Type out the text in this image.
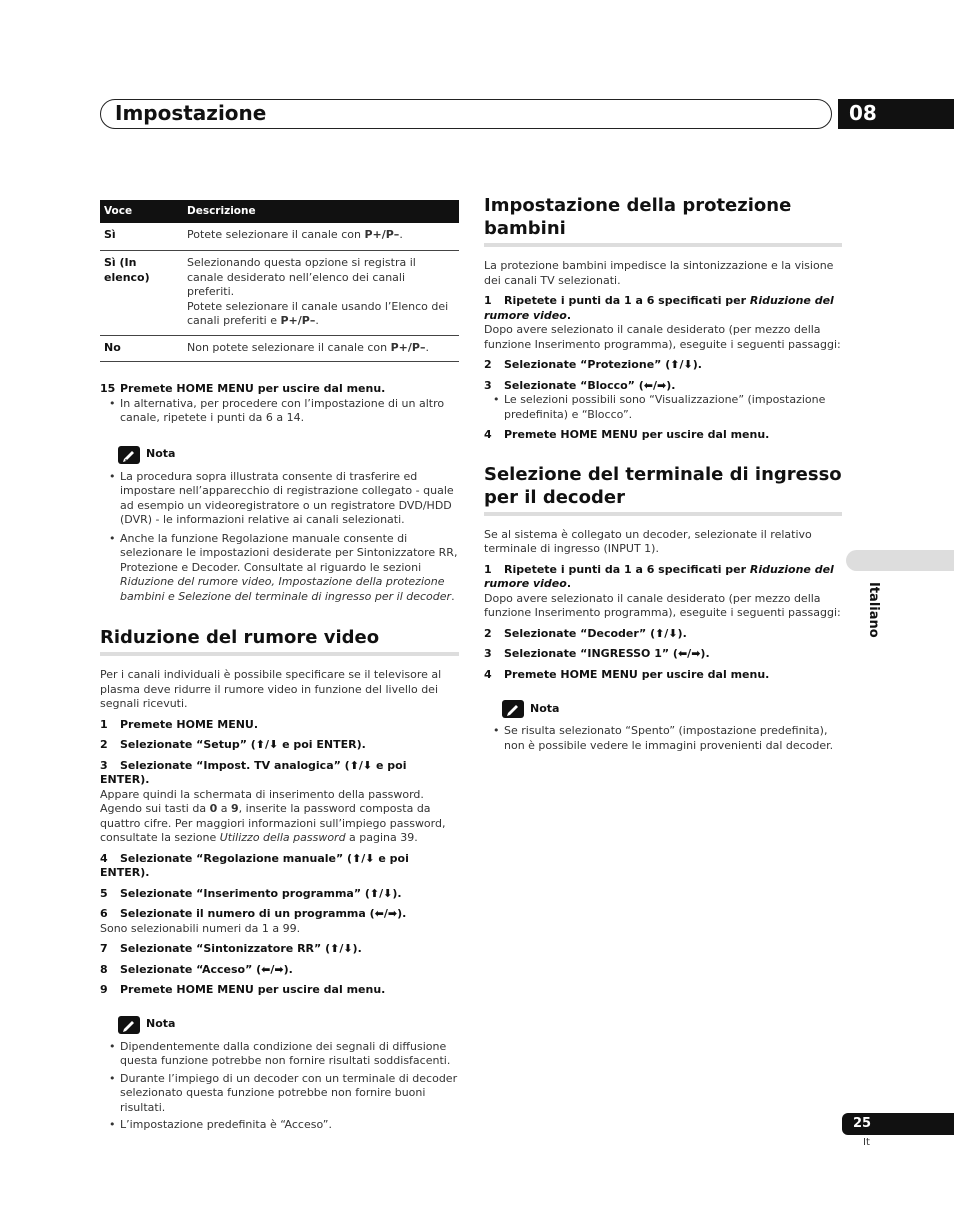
Impostazione	08
Voce	Descrizione
Sì	Potete selezionare il canale con P+/P–.
Sì (In elenco)	Selezionando questa opzione si registra il canale desiderato nell’elenco dei canali preferiti.
Potete selezionare il canale usando l’Elenco dei canali preferiti e P+/P–.
No	Non potete selezionare il canale con P+/P–.

15 Premete HOME MENU per uscire dal menu.

• In alternativa, per procedere con l’impostazione di un altro canale, ripetete i punti da 6 a 14.

Nota

• La procedura sopra illustrata consente di trasferire ed impostare nell’apparecchio di registrazione collegato - quale ad esempio un videoregistratore o un registratore DVD/HDD (DVR) - le informazioni relative ai canali selezionati.

• Anche la funzione Regolazione manuale consente di selezionare le impostazioni desiderate per Sintonizzatore RR, Protezione e Decoder. Consultate al riguardo le sezioni Riduzione del rumore video, Impostazione della protezione bambini e Selezione del terminale di ingresso per il decoder.

Riduzione del rumore video

Per i canali individuali è possibile specificare se il televisore al plasma deve ridurre il rumore video in funzione del livello dei segnali ricevuti.

1 Premete HOME MENU.

2 Selezionate “Setup” (⬆/⬇ e poi ENTER).

3 Selezionate “Impost. TV analogica” (⬆/⬇ e poi ENTER).

Appare quindi la schermata di inserimento della password. Agendo sui tasti da 0 a 9, inserite la password composta da quattro cifre. Per maggiori informazioni sull’impiego password, consultate la sezione Utilizzo della password a pagina 39.

4 Selezionate “Regolazione manuale” (⬆/⬇ e poi ENTER).

5 Selezionate “Inserimento programma” (⬆/⬇).

6 Selezionate il numero di un programma (⬅/➡).

Sono selezionabili numeri da 1 a 99.

7 Selezionate “Sintonizzatore RR” (⬆/⬇).

8 Selezionate “Acceso” (⬅/➡).

9 Premete HOME MENU per uscire dal menu.

Nota

• Dipendentemente dalla condizione dei segnali di diffusione questa funzione potrebbe non fornire risultati soddisfacenti.

• Durante l’impiego di un decoder con un terminale di decoder selezionato questa funzione potrebbe non fornire buoni risultati.

• L’impostazione predefinita è “Acceso”.

Impostazione della protezione bambini

La protezione bambini impedisce la sintonizzazione e la visione dei canali TV selezionati.

1 Ripetete i punti da 1 a 6 specificati per Riduzione del rumore video.

Dopo avere selezionato il canale desiderato (per mezzo della funzione Inserimento programma), eseguite i seguenti passaggi:

2 Selezionate “Protezione” (⬆/⬇).

3 Selezionate “Blocco” (⬅/➡).

• Le selezioni possibili sono “Visualizzazione” (impostazione predefinita) e “Blocco”.

4 Premete HOME MENU per uscire dal menu.

Selezione del terminale di ingresso per il decoder

Se al sistema è collegato un decoder, selezionate il relativo terminale di ingresso (INPUT 1).

1 Ripetete i punti da 1 a 6 specificati per Riduzione del rumore video.

Dopo avere selezionato il canale desiderato (per mezzo della funzione Inserimento programma), eseguite i seguenti passaggi:

2 Selezionate “Decoder” (⬆/⬇).

3 Selezionate “INGRESSO 1” (⬅/➡).

4 Premete HOME MENU per uscire dal menu.

Nota

• Se risulta selezionato “Spento” (impostazione predefinita), non è possibile vedere le immagini provenienti dal decoder.

Italiano
25
It
